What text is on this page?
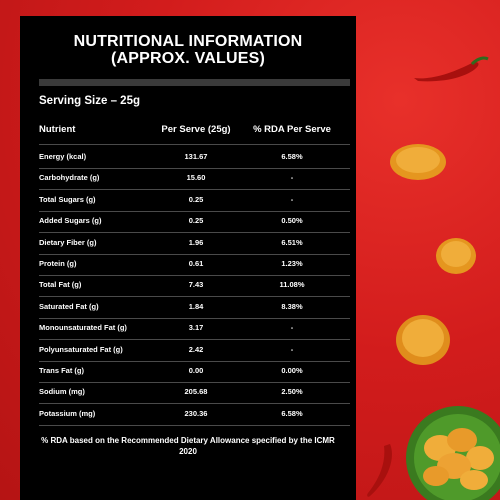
NUTRITIONAL INFORMATION
(APPROX. VALUES)
Serving Size – 25g
Nutrient	Per Serve (25g)	% RDA Per Serve
Energy (kcal)	131.67	6.58%
Carbohydrate (g)	15.60	-
Total Sugars (g)	0.25	-
Added Sugars (g)	0.25	0.50%
Dietary Fiber (g)	1.96	6.51%
Protein (g)	0.61	1.23%
Total Fat (g)	7.43	11.08%
Saturated Fat (g)	1.84	8.38%
Monounsaturated Fat (g)	3.17	-
Polyunsaturated Fat (g)	2.42	-
Trans Fat (g)	0.00	0.00%
Sodium (mg)	205.68	2.50%
Potassium (mg)	230.36	6.58%
% RDA based on the Recommended Dietary Allowance specified by the ICMR 2020
